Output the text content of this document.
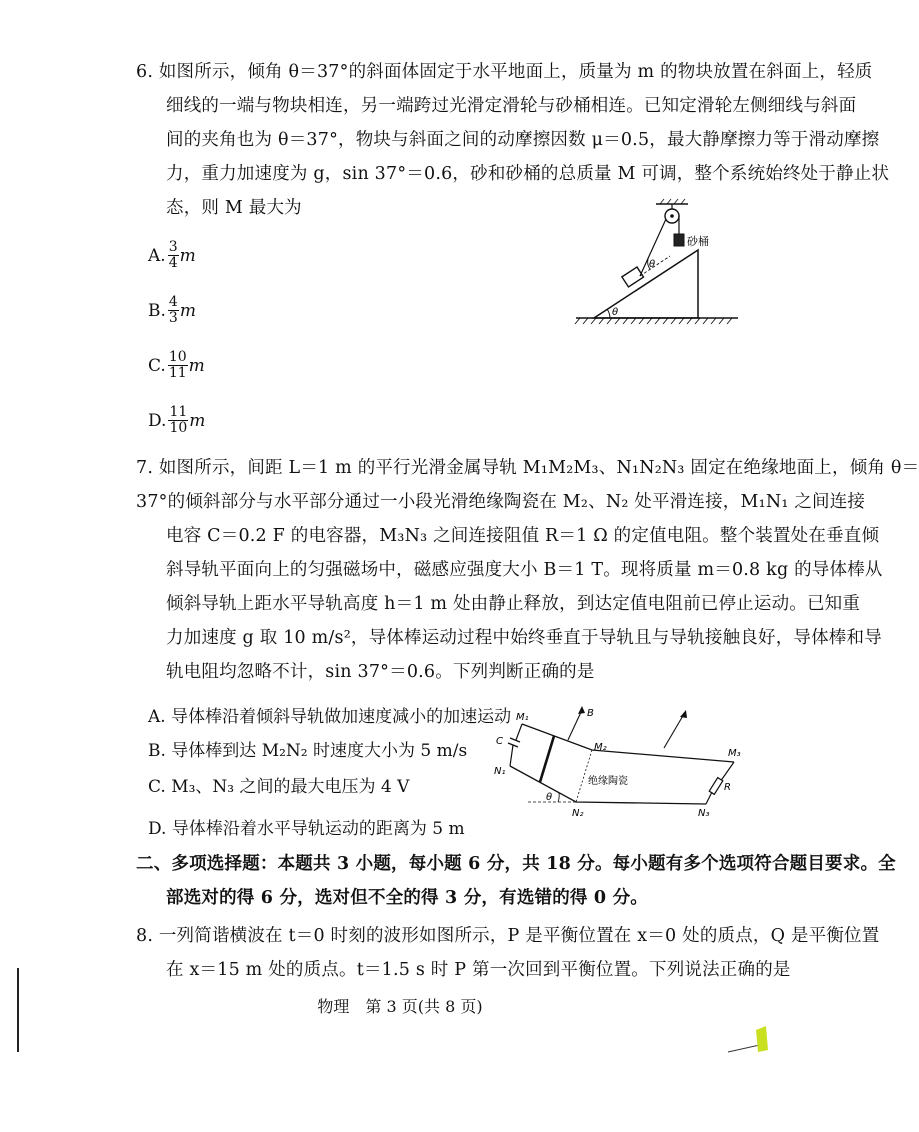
6. 如图所示，倾角 θ＝37°的斜面体固定于水平地面上，质量为 m 的物块放置在斜面上，轻质
细线的一端与物块相连，另一端跨过光滑定滑轮与砂桶相连。已知定滑轮左侧细线与斜面
间的夹角也为 θ＝37°，物块与斜面之间的动摩擦因数 μ＝0.5，最大静摩擦力等于滑动摩擦
力，重力加速度为 g，sin 37°＝0.6，砂和砂桶的总质量 M 可调，整个系统始终处于静止状
态，则 M 最大为
A. $\frac{3}{4}$ m
B. $\frac{4}{3}$ m
C. $\frac{10}{11}$ m
D. $\frac{11}{10}$ m
θ
θ
砂桶
7. 如图所示，间距 L＝1 m 的平行光滑金属导轨 M₁M₂M₃、N₁N₂N₃ 固定在绝缘地面上，倾角 θ＝
37°的倾斜部分与水平部分通过一小段光滑绝缘陶瓷在 M₂、N₂ 处平滑连接，M₁N₁ 之间连接
电容 C＝0.2 F 的电容器，M₃N₃ 之间连接阻值 R＝1 Ω 的定值电阻。整个装置处在垂直倾
斜导轨平面向上的匀强磁场中，磁感应强度大小 B＝1 T。现将质量 m＝0.8 kg 的导体棒从
倾斜导轨上距水平导轨高度 h＝1 m 处由静止释放，到达定值电阻前已停止运动。已知重
力加速度 g 取 10 m/s²，导体棒运动过程中始终垂直于导轨且与导轨接触良好，导体棒和导
轨电阻均忽略不计，sin 37°＝0.6。下列判断正确的是
A. 导体棒沿着倾斜导轨做加速度减小的加速运动
B. 导体棒到达 M₂N₂ 时速度大小为 5 m/s
C. M₃、N₃ 之间的最大电压为 4 V
D. 导体棒沿着水平导轨运动的距离为 5 m
C
R
绝缘陶瓷
B
θ
M₁
M₂
M₃
N₁
N₂	N₃
二、多项选择题：本题共 3 小题，每小题 6 分，共 18 分。每小题有多个选项符合题目要求。全
部选对的得 6 分，选对但不全的得 3 分，有选错的得 0 分。
8. 一列简谐横波在 t＝0 时刻的波形如图所示，P 是平衡位置在 x＝0 处的质点，Q 是平衡位置
在 x＝15 m 处的质点。t＝1.5 s 时 P 第一次回到平衡位置。下列说法正确的是
物理　第 3 页(共 8 页)
